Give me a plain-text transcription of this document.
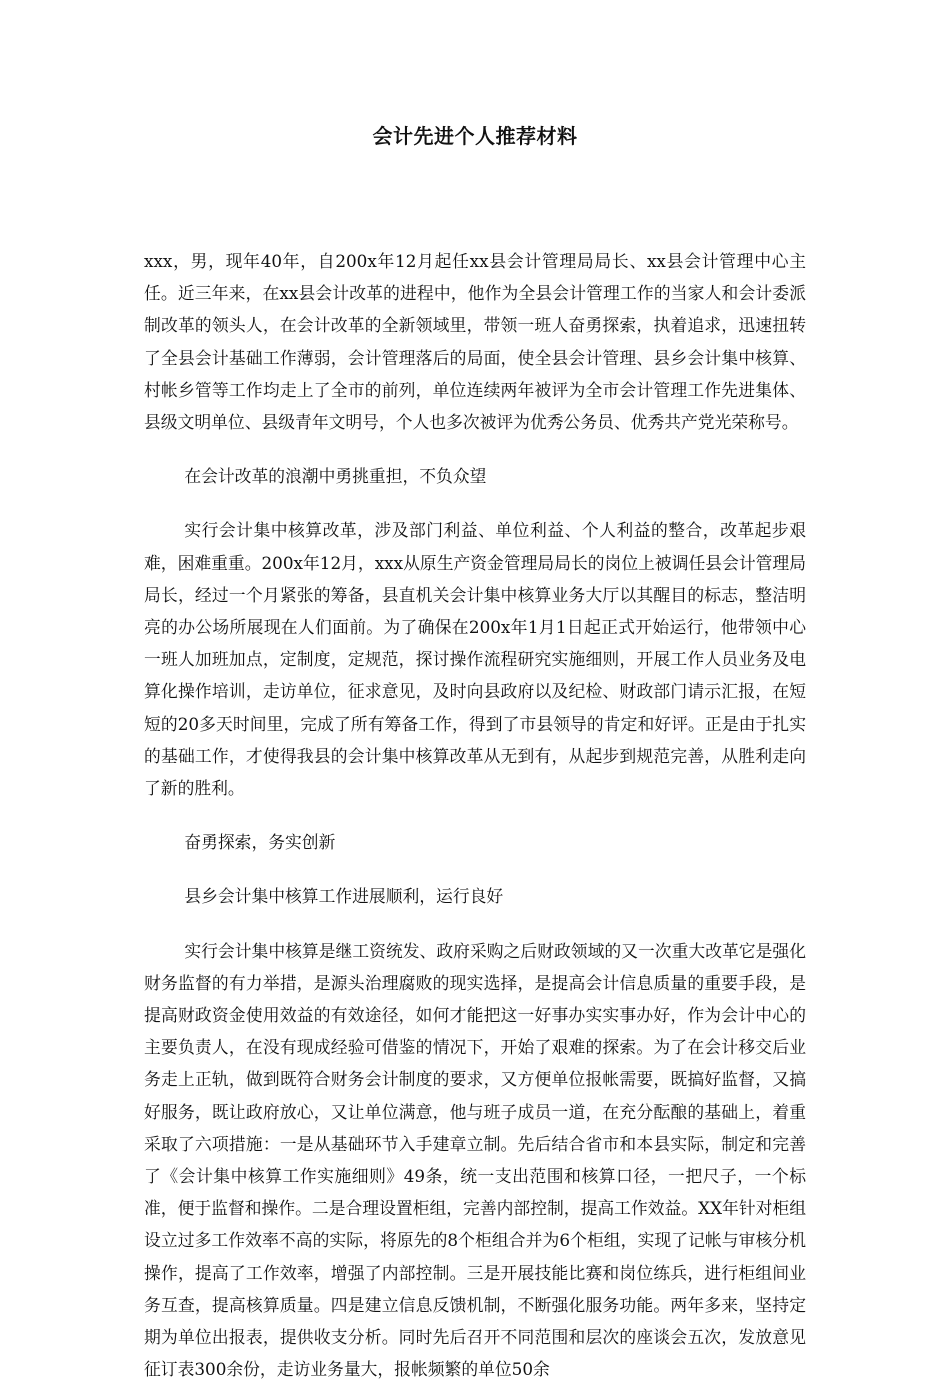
会计先进个人推荐材料

xxx，男，现年40年，自200x年12月起任xx县会计管理局局长、xx县会计管理中心主任。近三年来，在xx县会计改革的进程中，他作为全县会计管理工作的当家人和会计委派制改革的领头人，在会计改革的全新领域里，带领一班人奋勇探索，执着追求，迅速扭转了全县会计基础工作薄弱，会计管理落后的局面，使全县会计管理、县乡会计集中核算、村帐乡管等工作均走上了全市的前列，单位连续两年被评为全市会计管理工作先进集体、县级文明单位、县级青年文明号，个人也多次被评为优秀公务员、优秀共产党光荣称号。

在会计改革的浪潮中勇挑重担，不负众望

实行会计集中核算改革，涉及部门利益、单位利益、个人利益的整合，改革起步艰难，困难重重。200x年12月，xxx从原生产资金管理局局长的岗位上被调任县会计管理局局长，经过一个月紧张的筹备，县直机关会计集中核算业务大厅以其醒目的标志，整洁明亮的办公场所展现在人们面前。为了确保在200x年1月1日起正式开始运行，他带领中心一班人加班加点，定制度，定规范，探讨操作流程研究实施细则，开展工作人员业务及电算化操作培训，走访单位，征求意见，及时向县政府以及纪检、财政部门请示汇报，在短短的20多天时间里，完成了所有筹备工作，得到了市县领导的肯定和好评。正是由于扎实的基础工作，才使得我县的会计集中核算改革从无到有，从起步到规范完善，从胜利走向了新的胜利。

奋勇探索，务实创新

县乡会计集中核算工作进展顺利，运行良好

实行会计集中核算是继工资统发、政府采购之后财政领域的又一次重大改革它是强化财务监督的有力举措，是源头治理腐败的现实选择，是提高会计信息质量的重要手段，是提高财政资金使用效益的有效途径，如何才能把这一好事办实实事办好，作为会计中心的主要负责人，在没有现成经验可借鉴的情况下，开始了艰难的探索。为了在会计移交后业务走上正轨，做到既符合财务会计制度的要求，又方便单位报帐需要，既搞好监督，又搞好服务，既让政府放心，又让单位满意，他与班子成员一道，在充分酝酿的基础上，着重采取了六项措施：一是从基础环节入手建章立制。先后结合省市和本县实际，制定和完善了《会计集中核算工作实施细则》49条，统一支出范围和核算口径，一把尺子，一个标准，便于监督和操作。二是合理设置柜组，完善内部控制，提高工作效益。XX年针对柜组设立过多工作效率不高的实际，将原先的8个柜组合并为6个柜组，实现了记帐与审核分机操作，提高了工作效率，增强了内部控制。三是开展技能比赛和岗位练兵，进行柜组间业务互查，提高核算质量。四是建立信息反馈机制，不断强化服务功能。两年多来，坚持定期为单位出报表，提供收支分析。同时先后召开不同范围和层次的座谈会五次，发放意见征订表300余份，走访业务量大，报帐频繁的单位50余
